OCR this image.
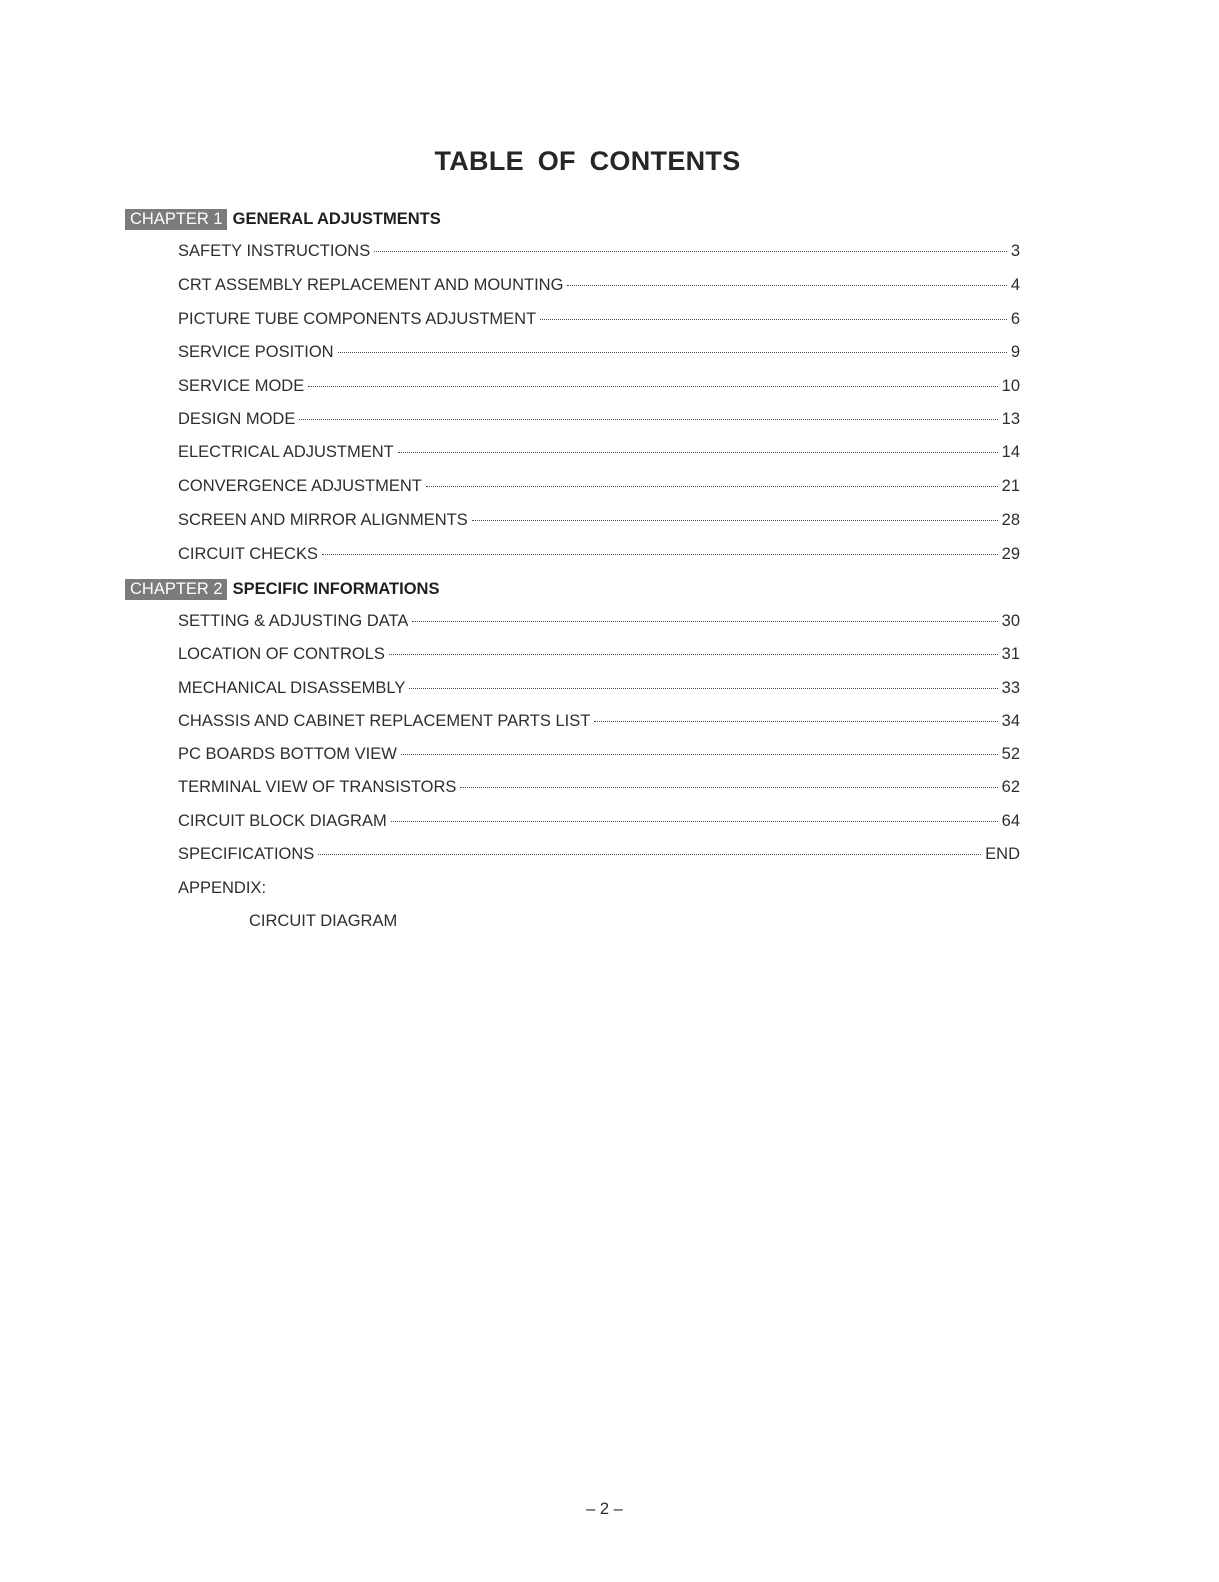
TABLE OF CONTENTS
CHAPTER 1 GENERAL ADJUSTMENTS
SAFETY INSTRUCTIONS	3
CRT ASSEMBLY REPLACEMENT AND MOUNTING	4
PICTURE TUBE COMPONENTS ADJUSTMENT	6
SERVICE POSITION	9
SERVICE MODE	10
DESIGN MODE	13
ELECTRICAL ADJUSTMENT	14
CONVERGENCE ADJUSTMENT	21
SCREEN AND MIRROR ALIGNMENTS	28
CIRCUIT CHECKS	29
CHAPTER 2 SPECIFIC INFORMATIONS
SETTING & ADJUSTING DATA	30
LOCATION OF CONTROLS	31
MECHANICAL DISASSEMBLY	33
CHASSIS AND CABINET REPLACEMENT PARTS LIST	34
PC BOARDS BOTTOM VIEW	52
TERMINAL VIEW OF TRANSISTORS	62
CIRCUIT BLOCK DIAGRAM	64
SPECIFICATIONS	END
APPENDIX:
CIRCUIT DIAGRAM
– 2 –
